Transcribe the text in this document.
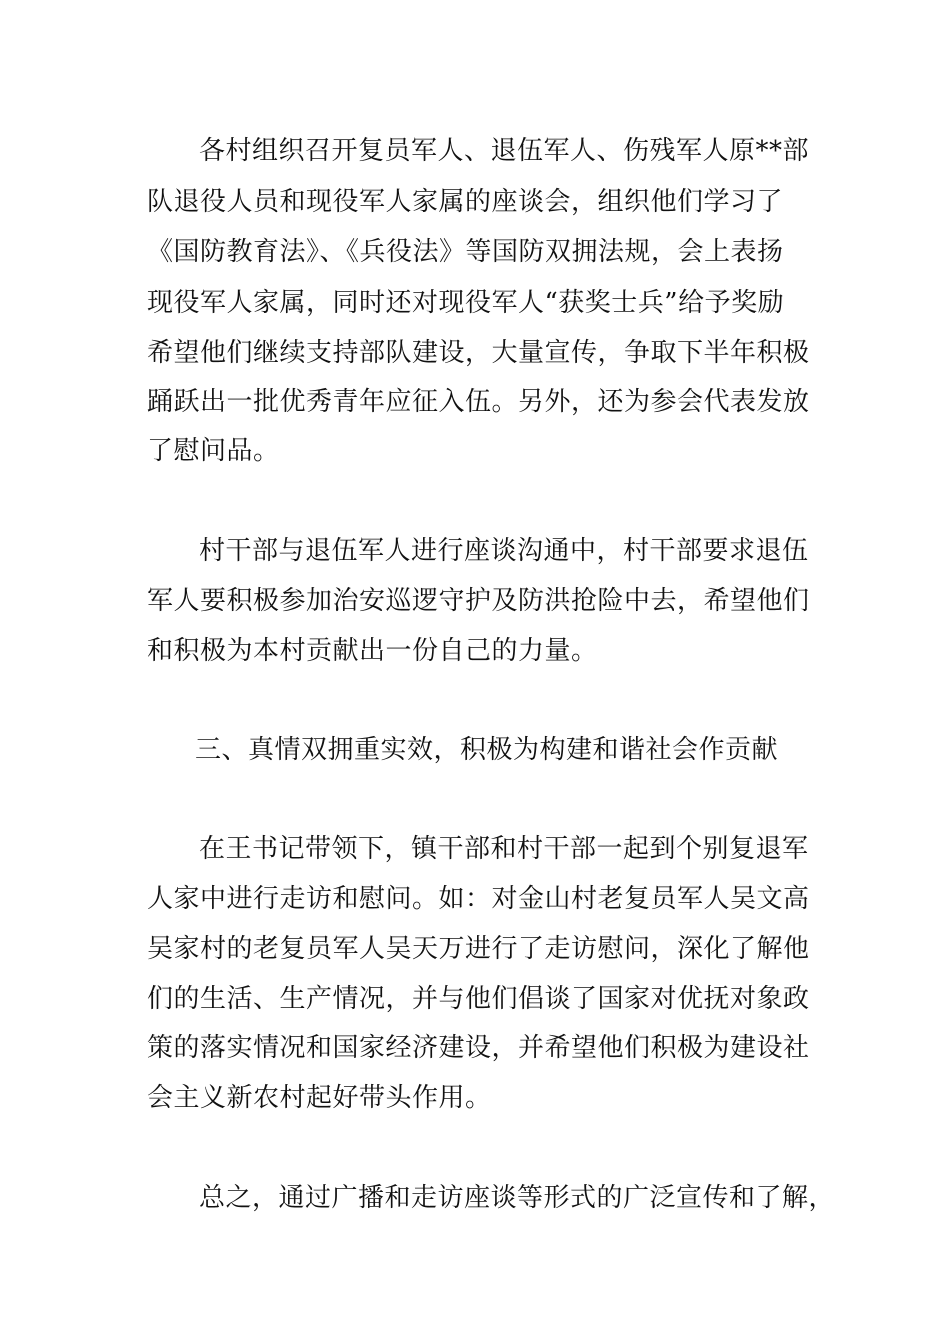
各村组织召开复员军人、退伍军人、伤残军人原**部
队退役人员和现役军人家属的座谈会，组织他们学习了
《国防教育法》、《兵役法》等国防双拥法规，会上表扬
现役军人家属，同时还对现役军人“获奖士兵”给予奖励
希望他们继续支持部队建设，大量宣传，争取下半年积极
踊跃出一批优秀青年应征入伍。另外，还为参会代表发放
了慰问品。
村干部与退伍军人进行座谈沟通中，村干部要求退伍
军人要积极参加治安巡逻守护及防洪抢险中去，希望他们
和积极为本村贡献出一份自己的力量。
三、真情双拥重实效，积极为构建和谐社会作贡献
在王书记带领下，镇干部和村干部一起到个别复退军
人家中进行走访和慰问。如：对金山村老复员军人吴文高
吴家村的老复员军人吴天万进行了走访慰问，深化了解他
们的生活、生产情况，并与他们倡谈了国家对优抚对象政
策的落实情况和国家经济建设，并希望他们积极为建设社
会主义新农村起好带头作用。
总之，通过广播和走访座谈等形式的广泛宣传和了解，
